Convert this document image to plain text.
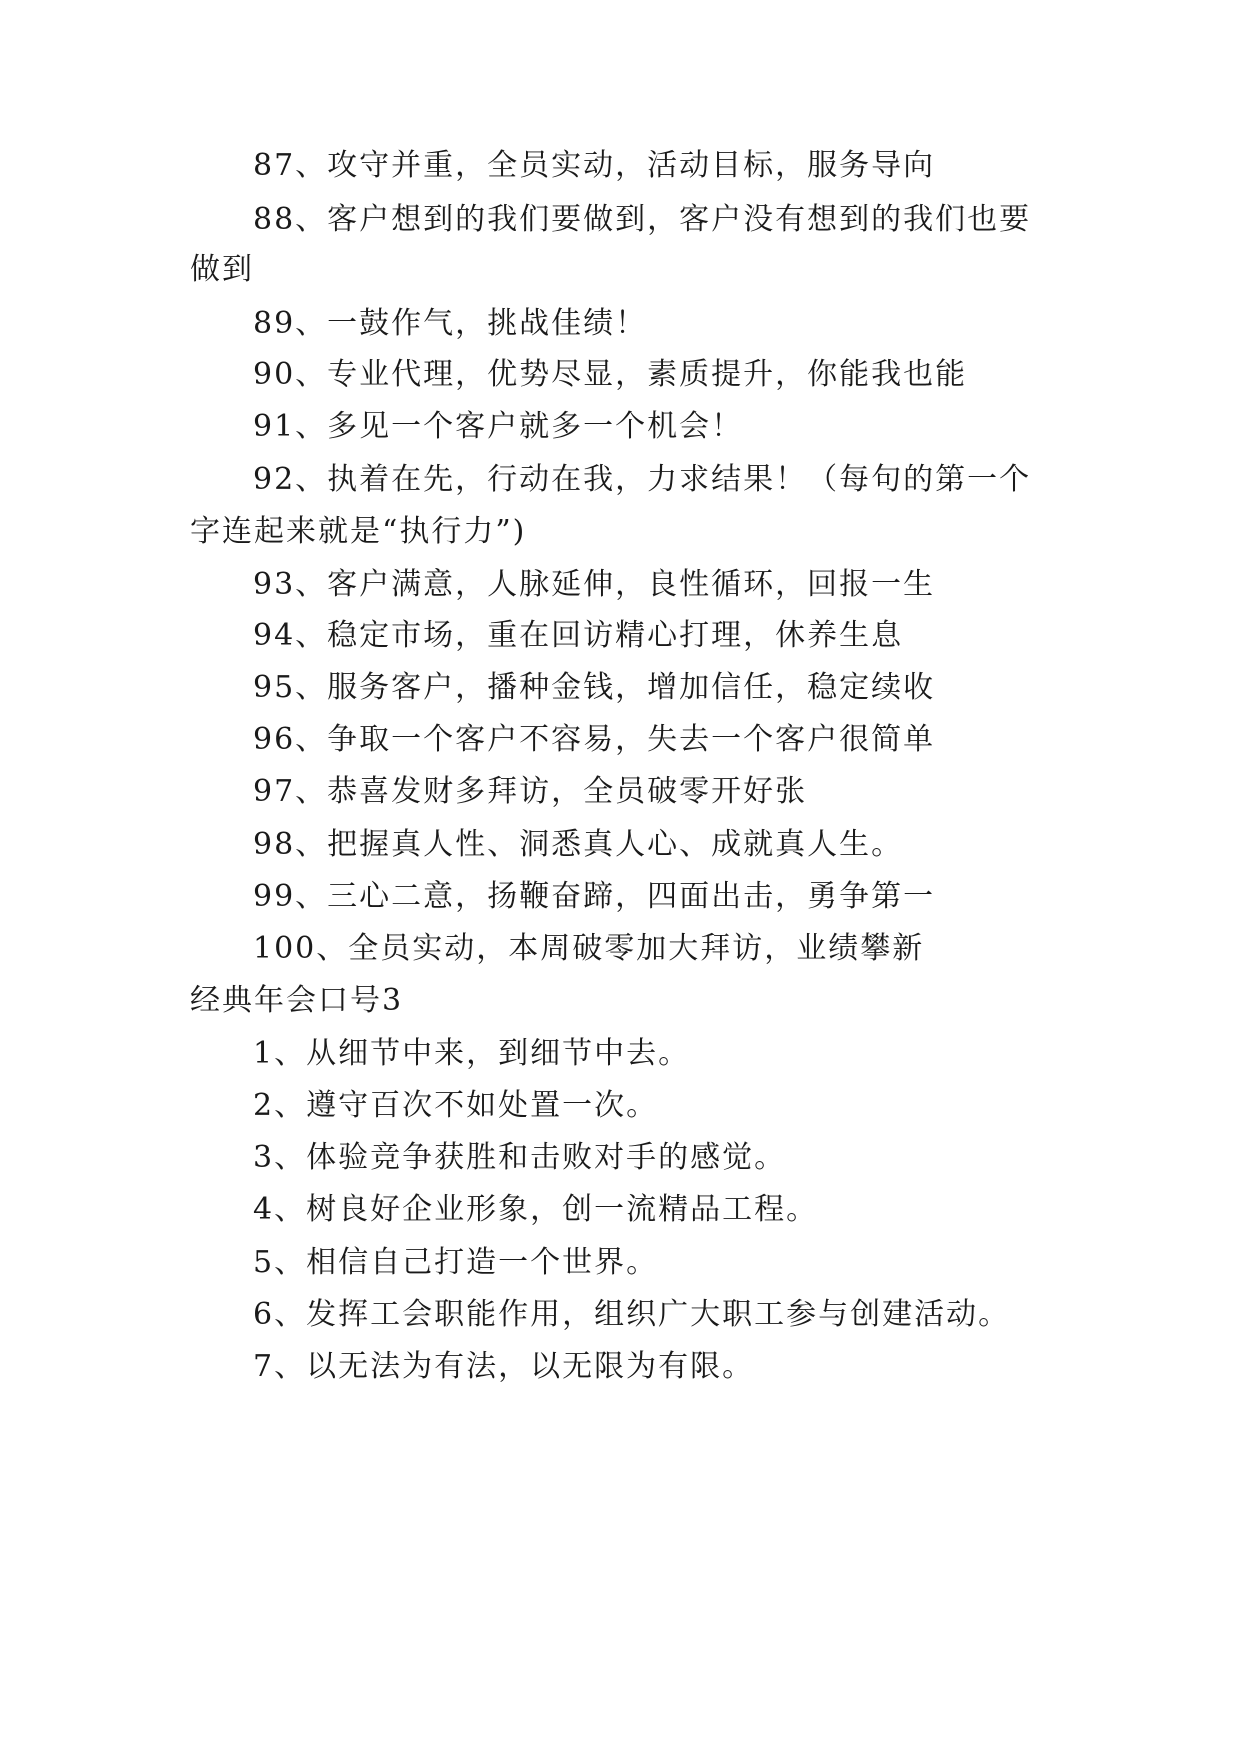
87、攻守并重，全员实动，活动目标，服务导向
88、客户想到的我们要做到，客户没有想到的我们也要
做到
89、一鼓作气，挑战佳绩！
90、专业代理，优势尽显，素质提升，你能我也能
91、多见一个客户就多一个机会！
92、执着在先，行动在我，力求结果！（每句的第一个
字连起来就是“执行力”)
93、客户满意，人脉延伸，良性循环，回报一生
94、稳定市场，重在回访精心打理，休养生息
95、服务客户，播种金钱，增加信任，稳定续收
96、争取一个客户不容易，失去一个客户很简单
97、恭喜发财多拜访，全员破零开好张
98、把握真人性、洞悉真人心、成就真人生。
99、三心二意，扬鞭奋蹄，四面出击，勇争第一
100、全员实动，本周破零加大拜访，业绩攀新
经典年会口号3
1、从细节中来，到细节中去。
2、遵守百次不如处置一次。
3、体验竞争获胜和击败对手的感觉。
4、树良好企业形象，创一流精品工程。
5、相信自己打造一个世界。
6、发挥工会职能作用，组织广大职工参与创建活动。
7、以无法为有法，以无限为有限。
